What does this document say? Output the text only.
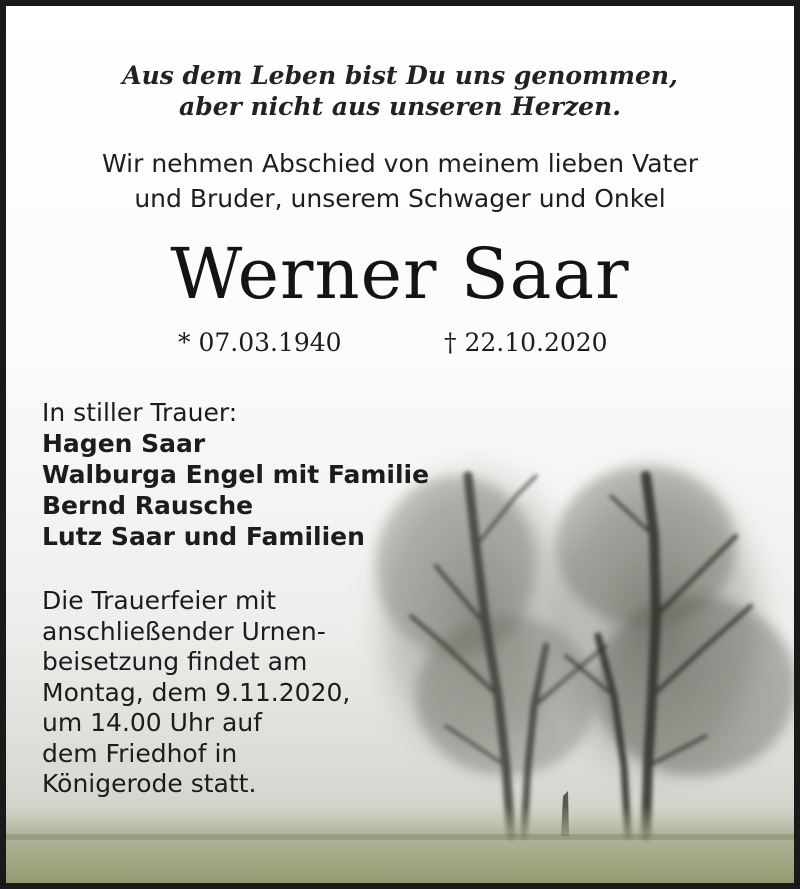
Aus dem Leben bist Du uns genommen,
aber nicht aus unseren Herzen.
Wir nehmen Abschied von meinem lieben Vater
und Bruder, unserem Schwager und Onkel
Werner Saar
* 07.03.1940	† 22.10.2020
In stiller Trauer:
Hagen Saar
Walburga Engel mit Familie
Bernd Rausche
Lutz Saar und Familien
Die Trauerfeier mit
anschließender Urnen-
beisetzung findet am
Montag, dem 9.11.2020,
um 14.00 Uhr auf
dem Friedhof in
Königerode statt.
